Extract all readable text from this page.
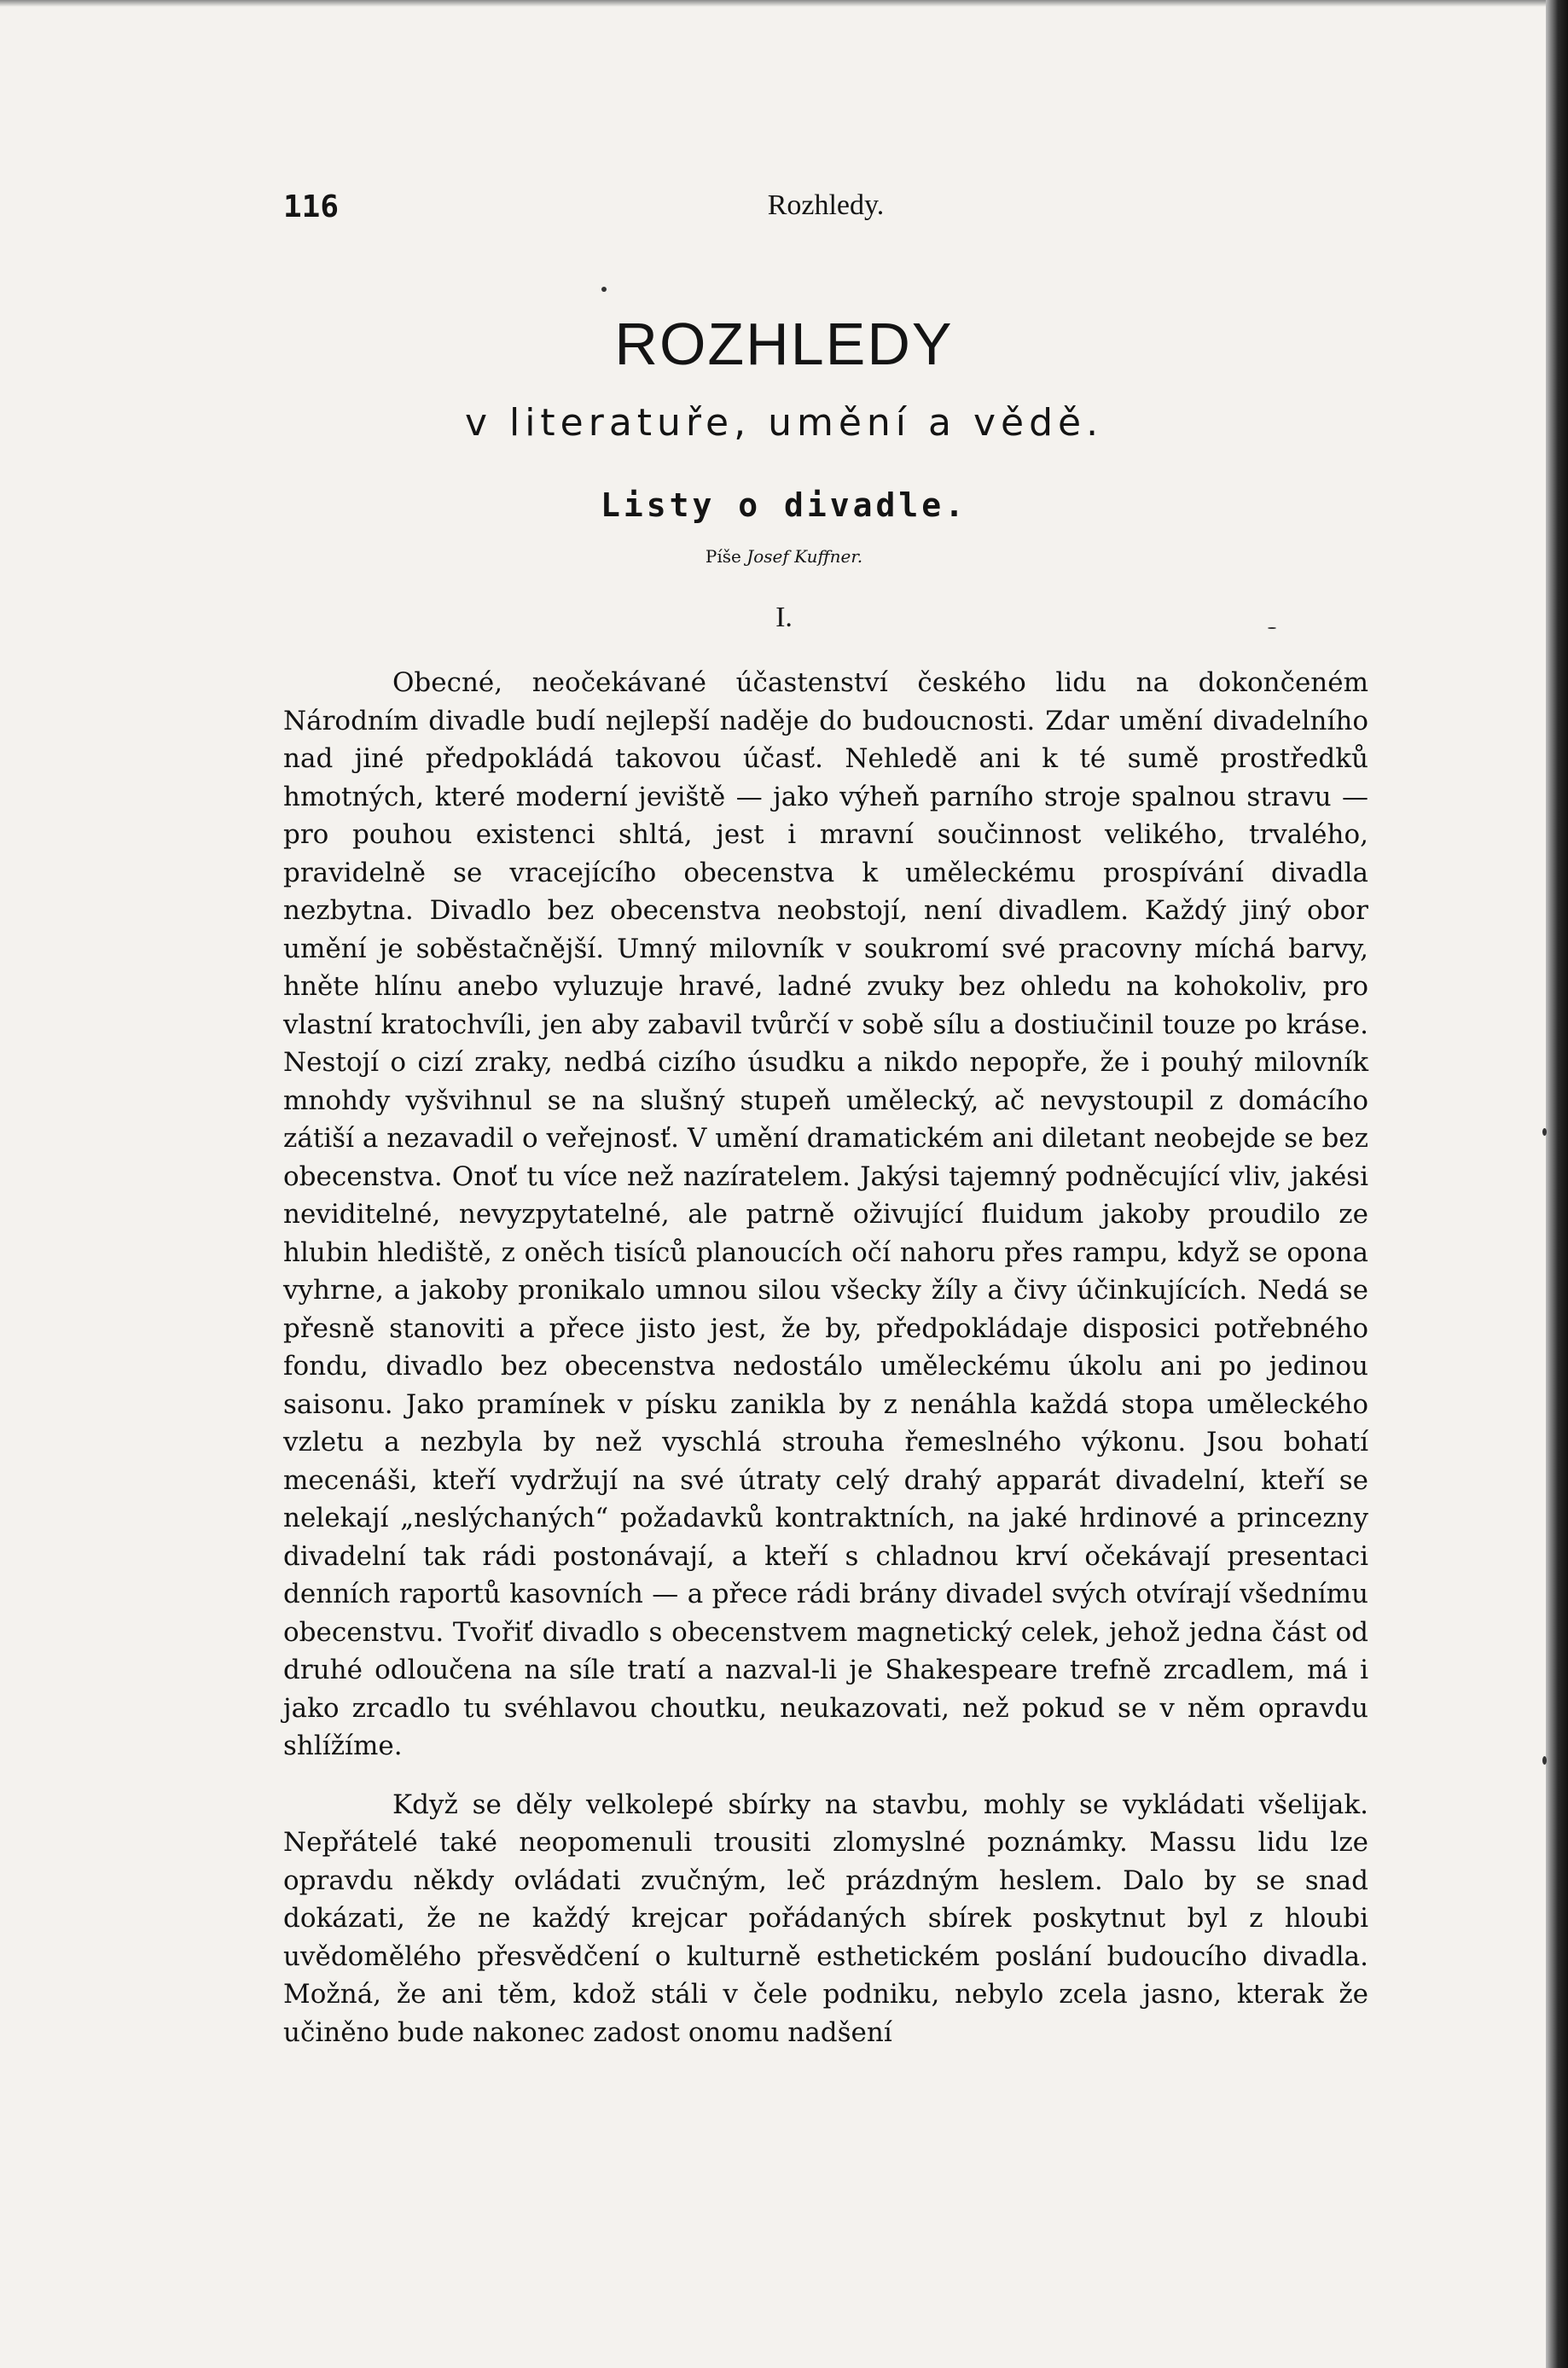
116	Rozhledy.
ROZHLEDY
v literatuře, umění a vědě.
Listy o divadle.
Píše Josef Kuffner.
I.

Obecné, neočekávané účastenství českého lidu na dokončeném Národním divadle budí nejlepší naděje do budoucnosti. Zdar umění divadelního nad jiné předpokládá takovou účasť. Nehledě ani k té sumě prostředků hmotných, které moderní jeviště — jako výheň parního stroje spalnou stravu — pro pouhou existenci shltá, jest i mravní součinnost velikého, trvalého, pravidelně se vracejícího obecenstva k uměleckému prospívání divadla nezbytna. Divadlo bez obecenstva neobstojí, není divadlem. Každý jiný obor umění je soběstačnější. Umný milovník v soukromí své pracovny míchá barvy, hněte hlínu anebo vyluzuje hravé, ladné zvuky bez ohledu na kohokoliv, pro vlastní kratochvíli, jen aby zabavil tvůrčí v sobě sílu a dostiučinil touze po kráse. Nestojí o cizí zraky, nedbá cizího úsudku a nikdo nepopře, že i pouhý milovník mnohdy vyšvihnul se na slušný stupeň umělecký, ač nevystoupil z domácího zátiší a nezavadil o veřejnosť. V umění dramatickém ani diletant neobejde se bez obecenstva. Onoť tu více než nazíratelem. Jakýsi tajemný podněcující vliv, jakési neviditelné, nevyzpytatelné, ale patrně oživující fluidum jakoby proudilo ze hlubin hlediště, z oněch tisíců planoucích očí nahoru přes rampu, když se opona vyhrne, a jakoby pronikalo umnou silou všecky žíly a čivy účinkujících. Nedá se přesně stanoviti a přece jisto jest, že by, předpokládaje disposici potřebného fondu, divadlo bez obecenstva nedostálo uměleckému úkolu ani po jedinou saisonu. Jako pramínek v písku zanikla by z nenáhla každá stopa uměleckého vzletu a nezbyla by než vyschlá strouha řemeslného výkonu. Jsou bohatí mecenáši, kteří vydržují na své útraty celý drahý apparát divadelní, kteří se nelekají „neslýchaných“ požadavků kontraktních, na jaké hrdinové a princezny divadelní tak rádi postonávají, a kteří s chladnou krví očekávají presentaci denních raportů kasovních — a přece rádi brány divadel svých otvírají všednímu obecenstvu. Tvořiť divadlo s obecenstvem magnetický celek, jehož jedna část od druhé odloučena na síle tratí a nazval-li je Shakespeare trefně zrcadlem, má i jako zrcadlo tu svéhlavou choutku, neukazovati, než pokud se v něm opravdu shlížíme.

Když se děly velkolepé sbírky na stavbu, mohly se vykládati všelijak. Nepřátelé také neopomenuli trousiti zlomyslné poznámky. Massu lidu lze opravdu někdy ovládati zvučným, leč prázdným heslem. Dalo by se snad dokázati, že ne každý krejcar pořádaných sbírek poskytnut byl z hloubi uvědomělého přesvědčení o kulturně esthetickém poslání budoucího divadla. Možná, že ani těm, kdož stáli v čele podniku, nebylo zcela jasno, kterak že učiněno bude nakonec zadost onomu nadšení
